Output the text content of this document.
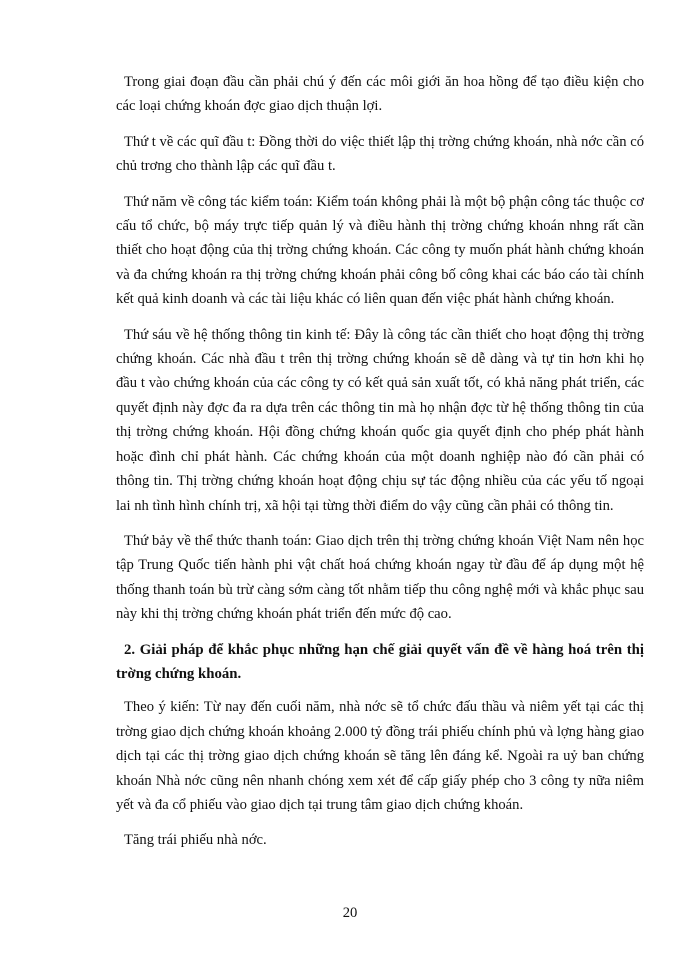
Trong giai đoạn đầu cần phải chú ý đến các môi giới ăn hoa hồng để tạo điều kiện cho các loại chứng khoán đợc giao dịch thuận lợi.

Thứ t về các quĩ đầu t: Đồng thời do việc thiết lập thị trờng chứng khoán, nhà nớc cần có chủ trơng cho thành lập các quĩ đầu t.

Thứ năm về công tác kiểm toán: Kiểm toán không phải là một bộ phận công tác thuộc cơ cấu tổ chức, bộ máy trực tiếp quản lý và điều hành thị trờng chứng khoán nhng rất cần thiết cho hoạt động của thị trờng chứng khoán. Các công ty muốn phát hành chứng khoán và đa chứng khoán ra thị trờng chứng khoán phải công bố công khai các báo cáo tài chính kết quả kinh doanh và các tài liệu khác có liên quan đến việc phát hành chứng khoán.

Thứ sáu về hệ thống thông tin kinh tế: Đây là công tác cần thiết cho hoạt động thị trờng chứng khoán. Các nhà đầu t trên thị trờng chứng khoán sẽ dễ dàng và tự tin hơn khi họ đầu t vào chứng khoán của các công ty có kết quả sản xuất tốt, có khả năng phát triển, các quyết định này đợc đa ra dựa trên các thông tin mà họ nhận đợc từ hệ thống thông tin của thị trờng chứng khoán. Hội đồng chứng khoán quốc gia quyết định cho phép phát hành hoặc đình chỉ phát hành. Các chứng khoán của một doanh nghiệp nào đó cần phải có thông tin. Thị trờng chứng khoán hoạt động chịu sự tác động nhiều của các yếu tố ngoại lai nh tình hình chính trị, xã hội tại từng thời điểm do vậy cũng cần phải có thông tin.

Thứ bảy về thể thức thanh toán: Giao dịch trên thị trờng chứng khoán Việt Nam nên học tập Trung Quốc tiến hành phi vật chất hoá chứng khoán ngay từ đầu để áp dụng một hệ thống thanh toán bù trừ càng sớm càng tốt nhằm tiếp thu công nghệ mới và khắc phục sau này khi thị trờng chứng khoán phát triển đến mức độ cao.

2. Giải pháp để khắc phục những hạn chế giải quyết vấn đề về hàng hoá trên thị trờng chứng khoán.

Theo ý kiến: Từ nay đến cuối năm, nhà nớc sẽ tổ chức đấu thầu và niêm yết tại các thị trờng giao dịch chứng khoán khoảng 2.000 tỷ đồng trái phiếu chính phủ và lợng hàng giao dịch tại các thị trờng giao dịch chứng khoán sẽ tăng lên đáng kể. Ngoài ra uỷ ban chứng khoán Nhà nớc cũng nên nhanh chóng xem xét để cấp giấy phép cho 3 công ty nữa niêm yết và đa cổ phiếu vào giao dịch tại trung tâm giao dịch chứng khoán.

Tăng trái phiếu nhà nớc.

20
